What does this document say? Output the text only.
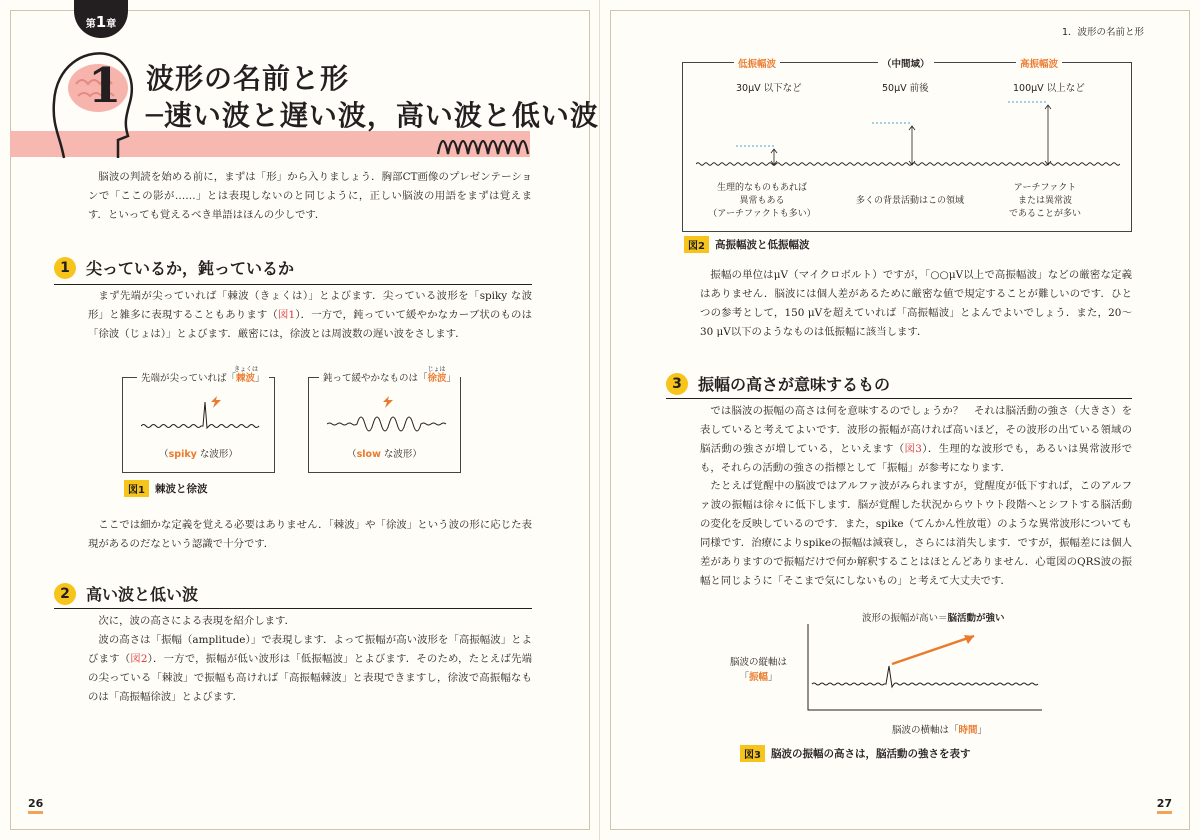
第1章
1 波形の名前と形
─速い波と遅い波，高い波と低い波

脳波の判読を始める前に，まずは「形」から入りましょう．胸部CT画像のプレゼンテーションで「ここの影が……」とは表現しないのと同じように，正しい脳波の用語をまずは覚えます．といっても覚えるべき単語はほんの少しです．

1	尖っているか，鈍っているか

まず先端が尖っていれば「棘波（きょくは）」とよびます．尖っている波形を「spiky な波形」と雑多に表現することもあります（図1）．一方で，鈍っていて緩やかなカーブ状のものは「徐波（じょは）」とよびます．厳密には，徐波とは周波数の遅い波をさします．

先端が尖っていれば「
きょくは
棘波」
（spiky な波形）
鈍って緩やかなものは「
じょは
徐波」
（slow な波形）
図1 棘波と徐波

ここでは細かな定義を覚える必要はありません．「棘波」や「徐波」という波の形に応じた表現があるのだなという認識で十分です．

2	高い波と低い波

次に，波の高さによる表現を紹介します．

波の高さは「振幅（amplitude）」で表現します．よって振幅が高い波形を「高振幅波」とよびます（図2）．一方で，振幅が低い波形は「低振幅波」とよびます．そのため，たとえば先端の尖っている「棘波」で振幅も高ければ「高振幅棘波」と表現できますし，徐波で高振幅なものは「高振幅徐波」とよびます．

26
1．波形の名前と形
低振幅波	（中間域）	高振幅波
30μV 以下など	50μV 前後	100μV 以上など
生理的なものもあれば
異常もある
（アーチファクトも多い）
多くの背景活動はこの領域
アーチファクト
または異常波
であることが多い
図2 高振幅波と低振幅波

振幅の単位はμV（マイクロボルト）ですが，「○○μV以上で高振幅波」などの厳密な定義はありません．脳波には個人差があるために厳密な値で規定することが難しいのです．ひとつの参考として，150 μVを超えていれば「高振幅波」とよんでよいでしょう．また，20〜30 μV以下のようなものは低振幅に該当します．

3	振幅の高さが意味するもの

では脳波の振幅の高さは何を意味するのでしょうか？　それは脳活動の強さ（大きさ）を表していると考えてよいです．波形の振幅が高ければ高いほど，その波形の出ている領域の脳活動の強さが増している，といえます（図3）．生理的な波形でも，あるいは異常波形でも，それらの活動の強さの指標として「振幅」が参考になります．

たとえば覚醒中の脳波ではアルファ波がみられますが，覚醒度が低下すれば，このアルファ波の振幅は徐々に低下します．脳が覚醒した状況からウトウト段階へとシフトする脳活動の変化を反映しているのです．また，spike（てんかん性放電）のような異常波形についても同様です．治療によりspikeの振幅は減衰し，さらには消失します．ですが，振幅差には個人差がありますので振幅だけで何か解釈することはほとんどありません．心電図のQRS波の振幅と同じように「そこまで気にしないもの」と考えて大丈夫です．

波形の振幅が高い＝脳活動が強い
脳波の縦軸は
「振幅」
脳波の横軸は「時間」
図3 脳波の振幅の高さは，脳活動の強さを表す
27
